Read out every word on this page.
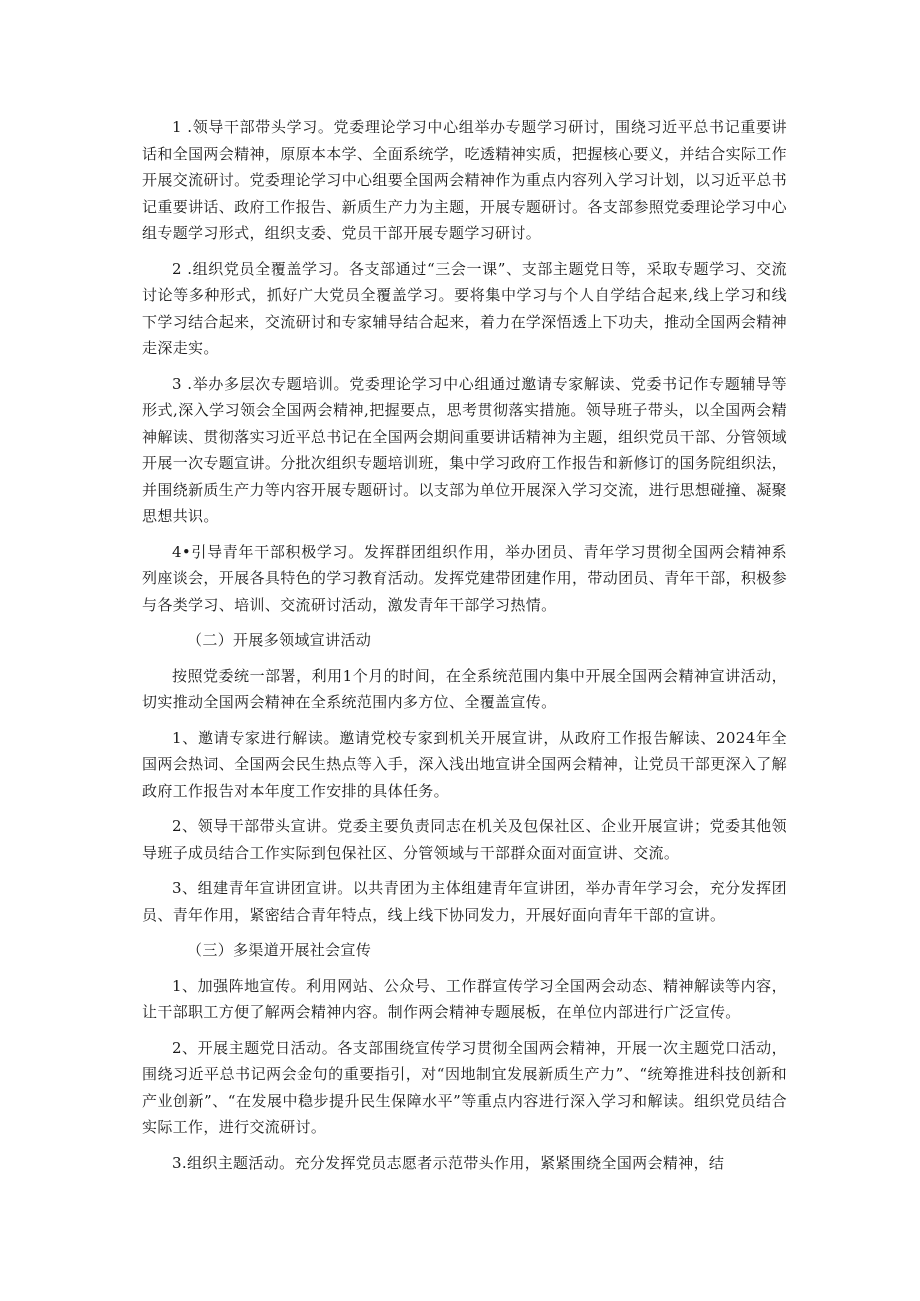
1 .领导干部带头学习。党委理论学习中心组举办专题学习研讨，围绕习近平总书记重要讲话和全国两会精神，原原本本学、全面系统学，吃透精神实质，把握核心要义，并结合实际工作开展交流研讨。党委理论学习中心组要全国两会精神作为重点内容列入学习计划，以习近平总书记重要讲话、政府工作报告、新质生产力为主题，开展专题研讨。各支部参照党委理论学习中心组专题学习形式，组织支委、党员干部开展专题学习研讨。

2 .组织党员全覆盖学习。各支部通过“三会一课”、支部主题党日等，采取专题学习、交流讨论等多种形式，抓好广大党员全覆盖学习。要将集中学习与个人自学结合起来,线上学习和线下学习结合起来，交流研讨和专家辅导结合起来，着力在学深悟透上下功夫，推动全国两会精神走深走实。

3 .举办多层次专题培训。党委理论学习中心组通过邀请专家解读、党委书记作专题辅导等形式,深入学习领会全国两会精神,把握要点，思考贯彻落实措施。领导班子带头，以全国两会精神解读、贯彻落实习近平总书记在全国两会期间重要讲话精神为主题，组织党员干部、分管领域开展一次专题宣讲。分批次组织专题培训班，集中学习政府工作报告和新修订的国务院组织法，并围绕新质生产力等内容开展专题研讨。以支部为单位开展深入学习交流，进行思想碰撞、凝聚思想共识。

4•引导青年干部积极学习。发挥群团组织作用，举办团员、青年学习贯彻全国两会精神系列座谈会，开展各具特色的学习教育活动。发挥党建带团建作用，带动团员、青年干部，积极参与各类学习、培训、交流研讨活动，激发青年干部学习热情。

（二）开展多领域宣讲活动

按照党委统一部署，利用1个月的时间，在全系统范围内集中开展全国两会精神宣讲活动，切实推动全国两会精神在全系统范围内多方位、全覆盖宣传。

1、邀请专家进行解读。邀请党校专家到机关开展宣讲，从政府工作报告解读、2024年全国两会热词、全国两会民生热点等入手，深入浅出地宣讲全国两会精神，让党员干部更深入了解政府工作报告对本年度工作安排的具体任务。

2、领导干部带头宣讲。党委主要负责同志在机关及包保社区、企业开展宣讲；党委其他领导班子成员结合工作实际到包保社区、分管领域与干部群众面对面宣讲、交流。

3、组建青年宣讲团宣讲。以共青团为主体组建青年宣讲团，举办青年学习会，充分发挥团员、青年作用，紧密结合青年特点，线上线下协同发力，开展好面向青年干部的宣讲。

（三）多渠道开展社会宣传

1、加强阵地宣传。利用网站、公众号、工作群宣传学习全国两会动态、精神解读等内容，让干部职工方便了解两会精神内容。制作两会精神专题展板，在单位内部进行广泛宣传。

2、开展主题党日活动。各支部围绕宣传学习贯彻全国两会精神，开展一次主题党口活动，围绕习近平总书记两会金句的重要指引，对“因地制宜发展新质生产力”、“统筹推进科技创新和产业创新”、“在发展中稳步提升民生保障水平”等重点内容进行深入学习和解读。组织党员结合实际工作，进行交流研讨。

3.组织主题活动。充分发挥党员志愿者示范带头作用，紧紧围绕全国两会精神，结
